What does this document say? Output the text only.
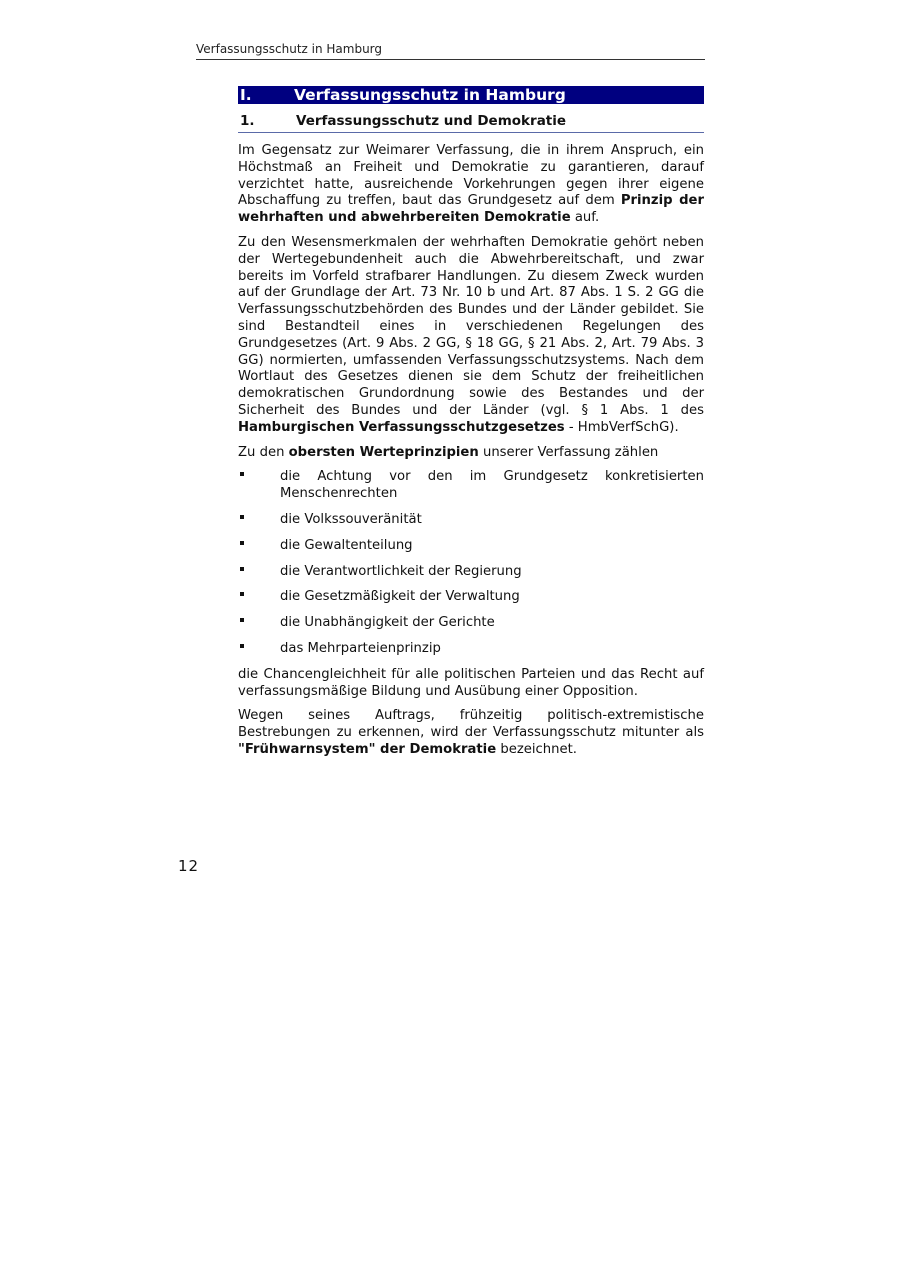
Verfassungsschutz in Hamburg
I.	Verfassungsschutz in Hamburg
1.	Verfassungsschutz und Demokratie

Im Gegensatz zur Weimarer Verfassung, die in ihrem Anspruch, ein Höchstmaß an Freiheit und Demokratie zu garantieren, darauf verzichtet hatte, ausreichende Vorkehrungen gegen ihrer eigene Abschaffung zu treffen, baut das Grundgesetz auf dem Prinzip der wehrhaften und abwehrbereiten Demokratie auf.

Zu den Wesensmerkmalen der wehrhaften Demokratie gehört neben der Wertegebundenheit auch die Abwehrbereitschaft, und zwar bereits im Vorfeld strafbarer Handlungen. Zu diesem Zweck wurden auf der Grundlage der Art. 73 Nr. 10 b und Art. 87 Abs. 1 S. 2 GG die Verfassungsschutzbehörden des Bundes und der Länder gebildet. Sie sind Bestandteil eines in verschiedenen Regelungen des Grundgesetzes (Art. 9 Abs. 2 GG, § 18 GG, § 21 Abs. 2, Art. 79 Abs. 3 GG) normierten, umfassenden Verfassungsschutzsystems. Nach dem Wortlaut des Gesetzes dienen sie dem Schutz der freiheitlichen demokratischen Grundordnung sowie des Bestandes und der Sicherheit des Bundes und der Länder (vgl. § 1 Abs. 1 des Hamburgischen Verfassungsschutzgesetzes - HmbVerfSchG).

Zu den obersten Werteprinzipien unserer Verfassung zählen

die Achtung vor den im Grundgesetz konkretisierten Menschenrechten
die Volkssouveränität
die Gewaltenteilung
die Verantwortlichkeit der Regierung
die Gesetzmäßigkeit der Verwaltung
die Unabhängigkeit der Gerichte
das Mehrparteienprinzip

die Chancengleichheit für alle politischen Parteien und das Recht auf verfassungsmäßige Bildung und Ausübung einer Opposition.

Wegen seines Auftrags, frühzeitig politisch-extremistische Bestrebungen zu erkennen, wird der Verfassungsschutz mitunter als "Frühwarnsystem" der Demokratie bezeichnet.

12
